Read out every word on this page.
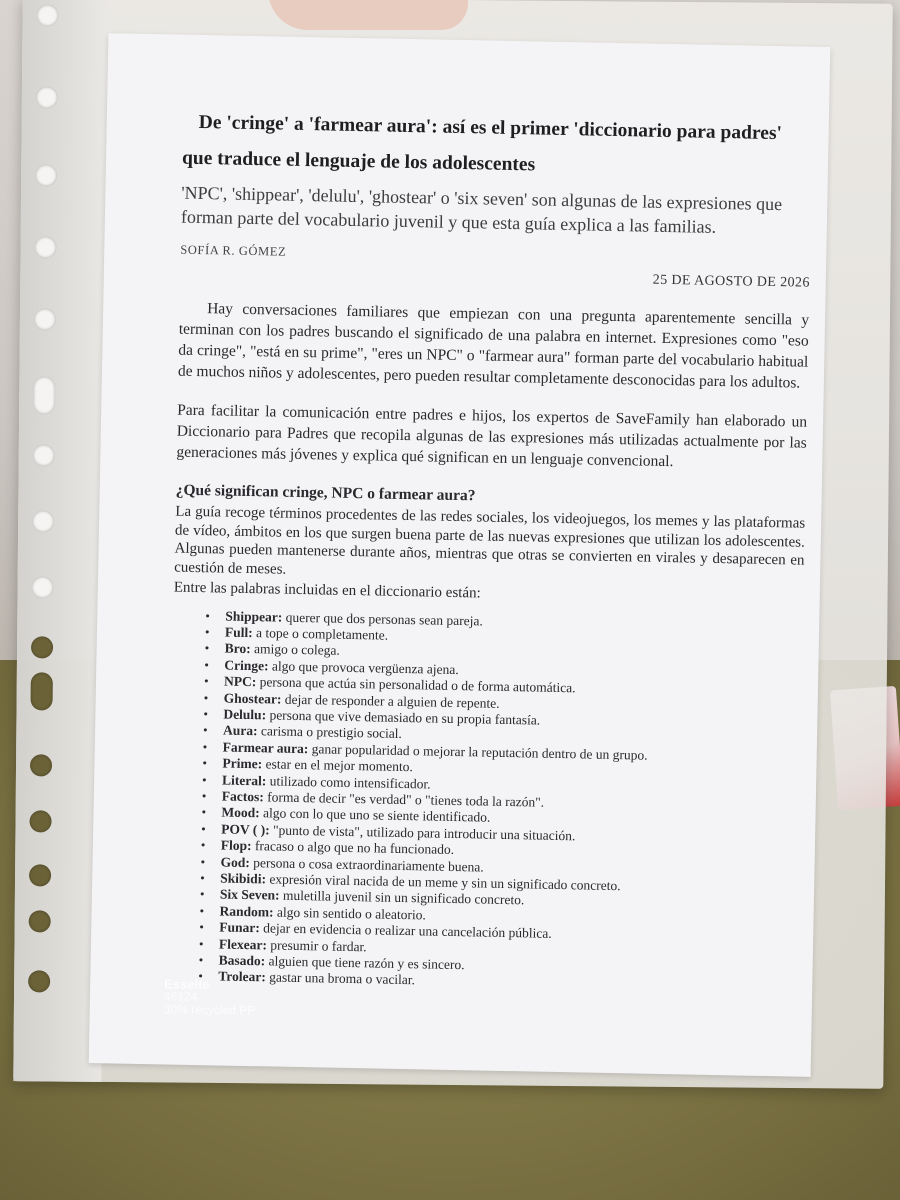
De 'cringe' a 'farmear aura': así es el primer 'diccionario para padres'
que traduce el lenguaje de los adolescentes

'NPC', 'shippear', 'delulu', 'ghostear' o 'six seven' son algunas de las expresiones que forman parte del vocabulario juvenil y que esta guía explica a las familias.

SOFÍA R. GÓMEZ

25 DE AGOSTO DE 2026

Hay conversaciones familiares que empiezan con una pregunta aparentemente sencilla y terminan con los padres buscando el significado de una palabra en internet. Expresiones como "eso da cringe", "está en su prime", "eres un NPC" o "farmear aura" forman parte del vocabulario habitual de muchos niños y adolescentes, pero pueden resultar completamente desconocidas para los adultos.

Para facilitar la comunicación entre padres e hijos, los expertos de SaveFamily han elaborado un Diccionario para Padres que recopila algunas de las expresiones más utilizadas actualmente por las generaciones más jóvenes y explica qué significan en un lenguaje convencional.

¿Qué significan cringe, NPC o farmear aura?

La guía recoge términos procedentes de las redes sociales, los videojuegos, los memes y las plataformas de vídeo, ámbitos en los que surgen buena parte de las nuevas expresiones que utilizan los adolescentes. Algunas pueden mantenerse durante años, mientras que otras se convierten en virales y desaparecen en cuestión de meses.

Entre las palabras incluidas en el diccionario están:

• Shippear: querer que dos personas sean pareja.
• Full: a tope o completamente.
• Bro: amigo o colega.
• Cringe: algo que provoca vergüenza ajena.
• NPC: persona que actúa sin personalidad o de forma automática.
• Ghostear: dejar de responder a alguien de repente.
• Delulu: persona que vive demasiado en su propia fantasía.
• Aura: carisma o prestigio social.
• Farmear aura: ganar popularidad o mejorar la reputación dentro de un grupo.
• Prime: estar en el mejor momento.
• Literal: utilizado como intensificador.
• Factos: forma de decir "es verdad" o "tienes toda la razón".
• Mood: algo con lo que uno se siente identificado.
• POV ( ): "punto de vista", utilizado para introducir una situación.
• Flop: fracaso o algo que no ha funcionado.
• God: persona o cosa extraordinariamente buena.
• Skibidi: expresión viral nacida de un meme y sin un significado concreto.
• Six Seven: muletilla juvenil sin un significado concreto.
• Random: algo sin sentido o aleatorio.
• Funar: dejar en evidencia o realizar una cancelación pública.
• Flexear: presumir o fardar.
• Basado: alguien que tiene razón y es sincero.
• Trolear: gastar una broma o vacilar.
Esselte
46124
30% recycled PP
